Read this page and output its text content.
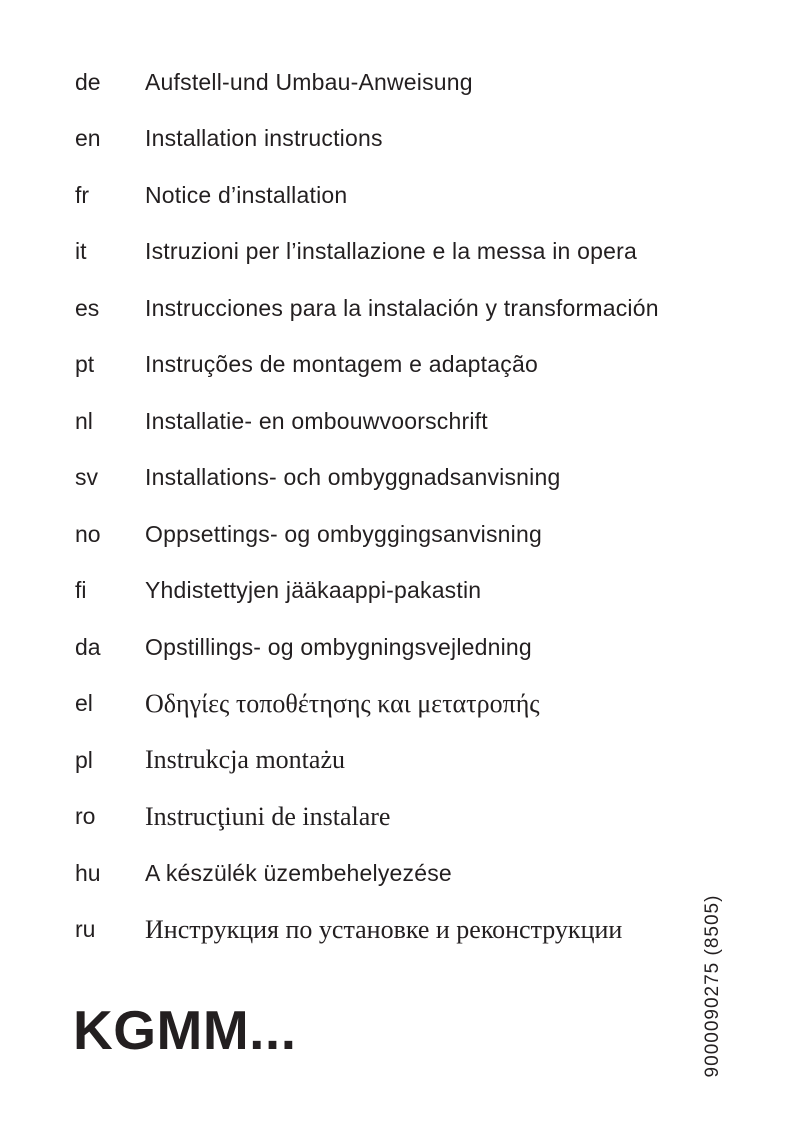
de	Aufstell-und Umbau-Anweisung
en	Installation instructions
fr	Notice d’installation
it	Istruzioni per l’installazione e la messa in opera
es	Instrucciones para la instalación y transformación
pt	Instruções de montagem e adaptação
nl	Installatie- en ombouwvoorschrift
sv	Installations- och ombyggnadsanvisning
no	Oppsettings- og ombyggingsanvisning
fi	Yhdistettyjen jääkaappi-pakastin
da	Opstillings- og ombygningsvejledning
el	Οδηγίες τοποθέτησης και μετατροπής
pl	Instrukcja montażu
ro	Instrucţiuni de instalare
hu	A készülék üzembehelyezése
ru	Инструкция по установке и реконструкции
KGMM...	9000090275 (8505)
